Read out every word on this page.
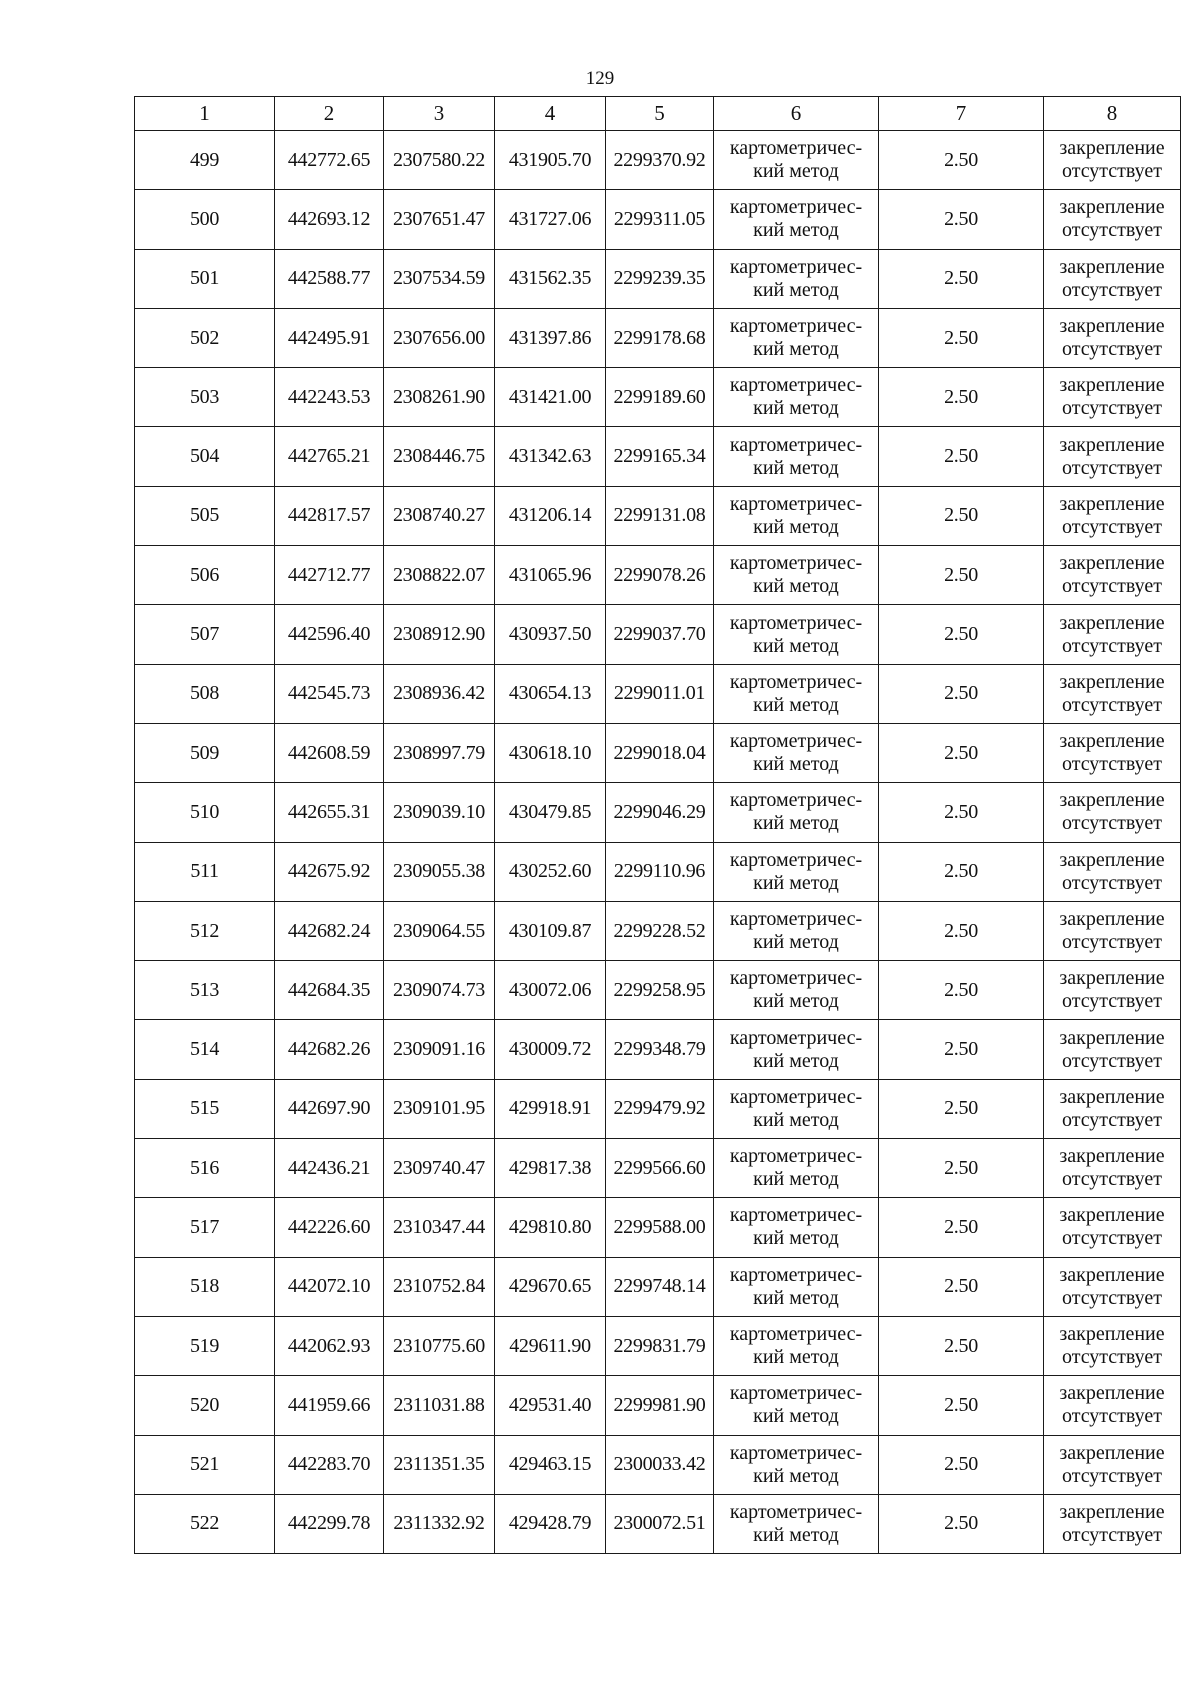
129
1	2	3	4	5	6	7	8
499	442772.65	2307580.22	431905.70	2299370.92	картометричес-
кий метод	2.50	закрепление
отсутствует

500	442693.12	2307651.47	431727.06	2299311.05	картометричес-
кий метод	2.50	закрепление
отсутствует

501	442588.77	2307534.59	431562.35	2299239.35	картометричес-
кий метод	2.50	закрепление
отсутствует

502	442495.91	2307656.00	431397.86	2299178.68	картометричес-
кий метод	2.50	закрепление
отсутствует

503	442243.53	2308261.90	431421.00	2299189.60	картометричес-
кий метод	2.50	закрепление
отсутствует

504	442765.21	2308446.75	431342.63	2299165.34	картометричес-
кий метод	2.50	закрепление
отсутствует

505	442817.57	2308740.27	431206.14	2299131.08	картометричес-
кий метод	2.50	закрепление
отсутствует

506	442712.77	2308822.07	431065.96	2299078.26	картометричес-
кий метод	2.50	закрепление
отсутствует

507	442596.40	2308912.90	430937.50	2299037.70	картометричес-
кий метод	2.50	закрепление
отсутствует

508	442545.73	2308936.42	430654.13	2299011.01	картометричес-
кий метод	2.50	закрепление
отсутствует

509	442608.59	2308997.79	430618.10	2299018.04	картометричес-
кий метод	2.50	закрепление
отсутствует

510	442655.31	2309039.10	430479.85	2299046.29	картометричес-
кий метод	2.50	закрепление
отсутствует

511	442675.92	2309055.38	430252.60	2299110.96	картометричес-
кий метод	2.50	закрепление
отсутствует

512	442682.24	2309064.55	430109.87	2299228.52	картометричес-
кий метод	2.50	закрепление
отсутствует

513	442684.35	2309074.73	430072.06	2299258.95	картометричес-
кий метод	2.50	закрепление
отсутствует

514	442682.26	2309091.16	430009.72	2299348.79	картометричес-
кий метод	2.50	закрепление
отсутствует

515	442697.90	2309101.95	429918.91	2299479.92	картометричес-
кий метод	2.50	закрепление
отсутствует

516	442436.21	2309740.47	429817.38	2299566.60	картометричес-
кий метод	2.50	закрепление
отсутствует

517	442226.60	2310347.44	429810.80	2299588.00	картометричес-
кий метод	2.50	закрепление
отсутствует

518	442072.10	2310752.84	429670.65	2299748.14	картометричес-
кий метод	2.50	закрепление
отсутствует

519	442062.93	2310775.60	429611.90	2299831.79	картометричес-
кий метод	2.50	закрепление
отсутствует

520	441959.66	2311031.88	429531.40	2299981.90	картометричес-
кий метод	2.50	закрепление
отсутствует

521	442283.70	2311351.35	429463.15	2300033.42	картометричес-
кий метод	2.50	закрепление
отсутствует

522	442299.78	2311332.92	429428.79	2300072.51	картометричес-
кий метод	2.50	закрепление
отсутствует
